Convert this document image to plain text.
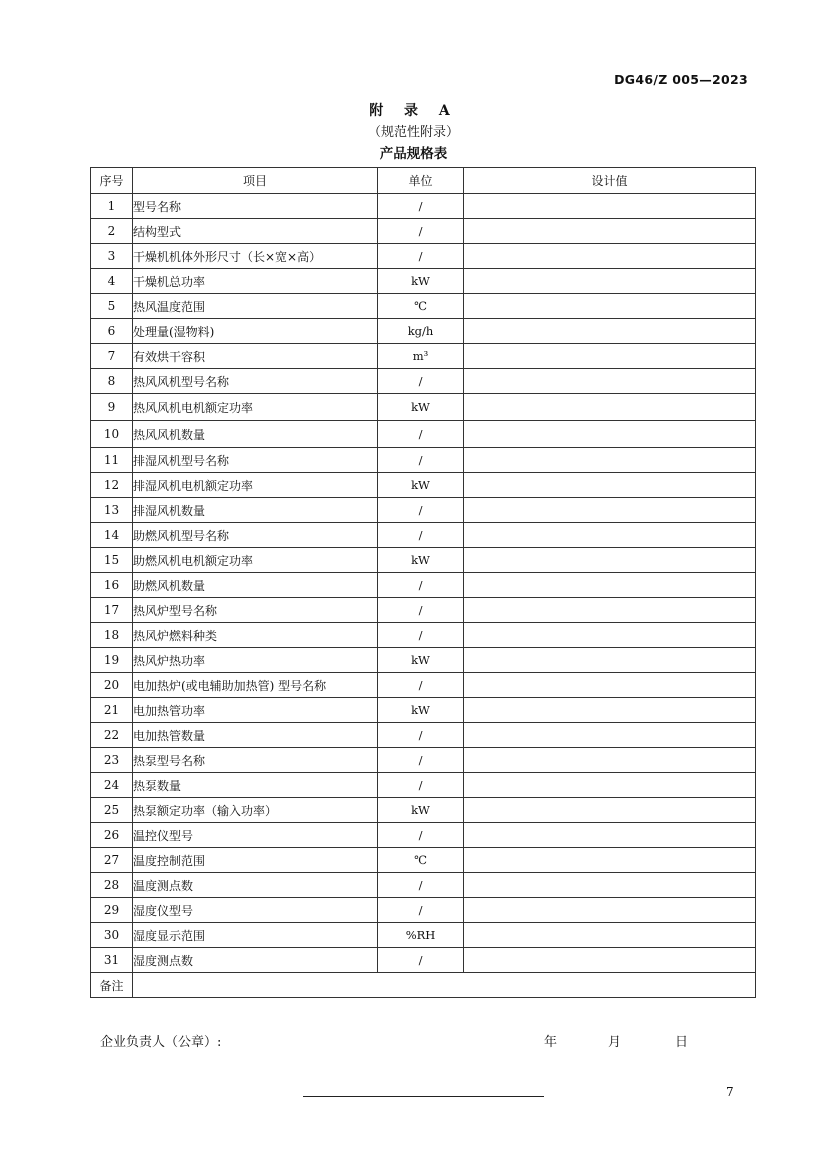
DG46/Z 005—2023
附 录 A
（规范性附录）
产品规格表
序号	项目	单位	设计值
1	型号名称	/	
2	结构型式	/	
3	干燥机机体外形尺寸（长×宽×高）	/	
4	干燥机总功率	kW	
5	热风温度范围	℃	
6	处理量(湿物料)	kg/h	
7	有效烘干容积	m³	
8	热风风机型号名称	/	
9	热风风机电机额定功率	kW	
10	热风风机数量	/	
11	排湿风机型号名称	/	
12	排湿风机电机额定功率	kW	
13	排湿风机数量	/	
14	助燃风机型号名称	/	
15	助燃风机电机额定功率	kW	
16	助燃风机数量	/	
17	热风炉型号名称	/	
18	热风炉燃料种类	/	
19	热风炉热功率	kW	
20	电加热炉(或电辅助加热管) 型号名称	/	
21	电加热管功率	kW	
22	电加热管数量	/	
23	热泵型号名称	/	
24	热泵数量	/	
25	热泵额定功率（输入功率）	kW	
26	温控仪型号	/	
27	温度控制范围	℃	
28	温度测点数	/	
29	湿度仪型号	/	
30	湿度显示范围	%RH	
31	湿度测点数	/	
备注			
企业负责人（公章）:	年	月	日
7
